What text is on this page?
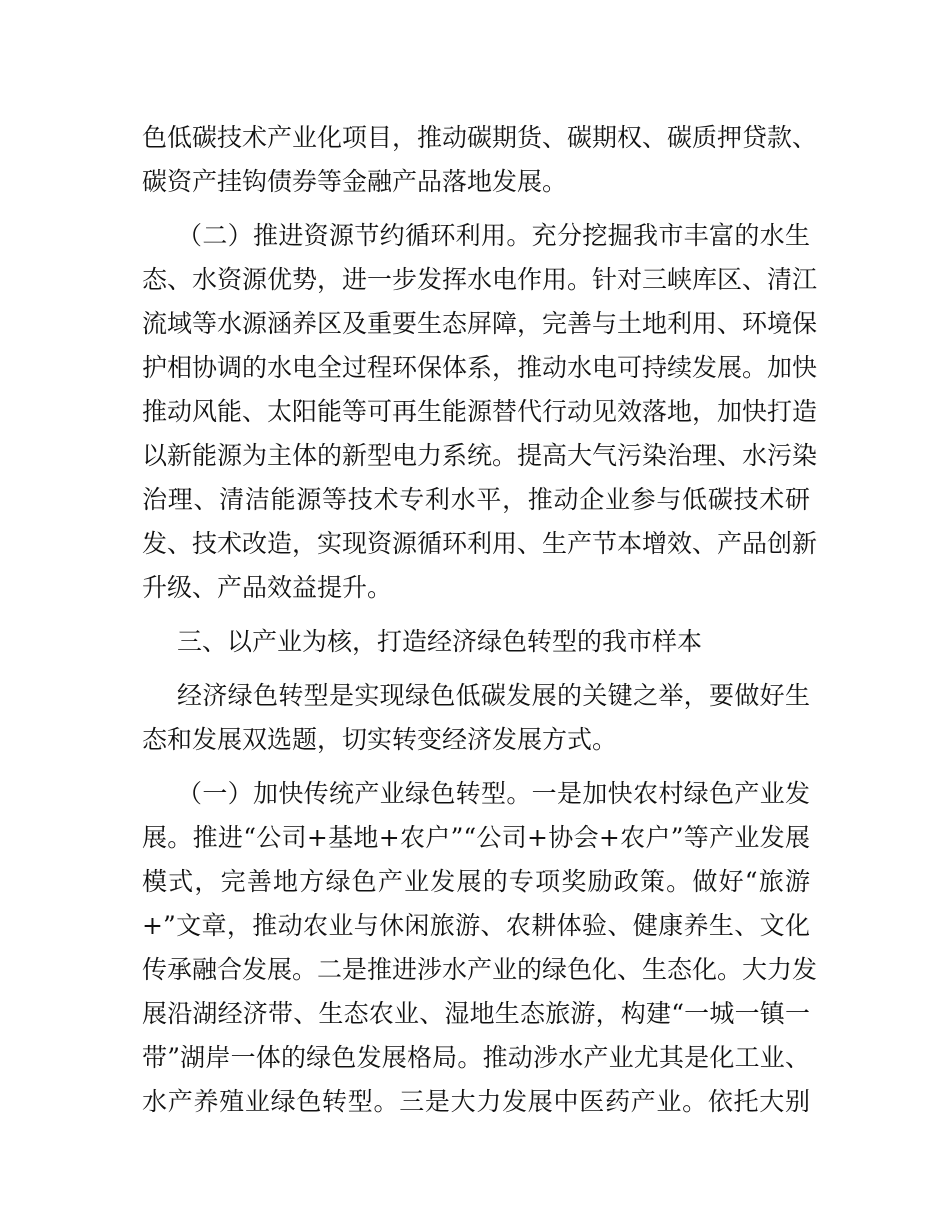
色低碳技术产业化项目，推动碳期货、碳期权、碳质押贷款、
碳资产挂钩债券等金融产品落地发展。
（二）推进资源节约循环利用。充分挖掘我市丰富的水生
态、水资源优势，进一步发挥水电作用。针对三峡库区、清江
流域等水源涵养区及重要生态屏障，完善与土地利用、环境保
护相协调的水电全过程环保体系，推动水电可持续发展。加快
推动风能、太阳能等可再生能源替代行动见效落地，加快打造
以新能源为主体的新型电力系统。提高大气污染治理、水污染
治理、清洁能源等技术专利水平，推动企业参与低碳技术研
发、技术改造，实现资源循环利用、生产节本增效、产品创新
升级、产品效益提升。
三、以产业为核，打造经济绿色转型的我市样本
经济绿色转型是实现绿色低碳发展的关键之举，要做好生
态和发展双选题，切实转变经济发展方式。
（一）加快传统产业绿色转型。一是加快农村绿色产业发
展。推进“公司+基地+农户”“公司+协会+农户”等产业发展
模式，完善地方绿色产业发展的专项奖励政策。做好“旅游
+”文章，推动农业与休闲旅游、农耕体验、健康养生、文化
传承融合发展。二是推进涉水产业的绿色化、生态化。大力发
展沿湖经济带、生态农业、湿地生态旅游，构建“一城一镇一
带”湖岸一体的绿色发展格局。推动涉水产业尤其是化工业、
水产养殖业绿色转型。三是大力发展中医药产业。依托大别
